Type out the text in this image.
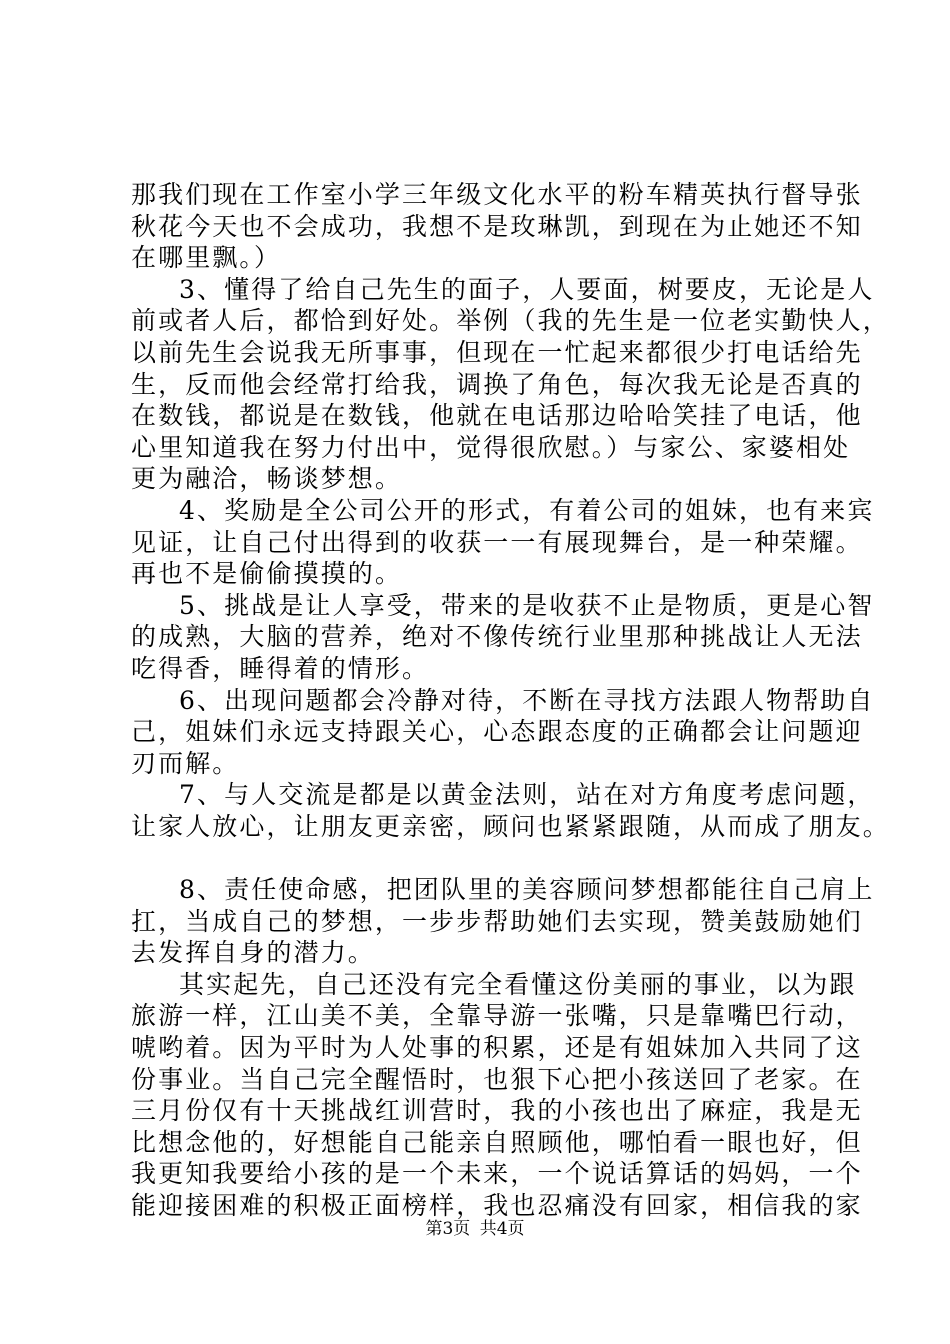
那我们现在工作室小学三年级文化水平的粉车精英执行督导张
秋花今天也不会成功，我想不是玫琳凯，到现在为止她还不知
在哪里飘。）
3、懂得了给自己先生的面子，人要面，树要皮，无论是人
前或者人后，都恰到好处。举例（我的先生是一位老实勤快人，
以前先生会说我无所事事，但现在一忙起来都很少打电话给先
生，反而他会经常打给我，调换了角色，每次我无论是否真的
在数钱，都说是在数钱，他就在电话那边哈哈笑挂了电话，他
心里知道我在努力付出中，觉得很欣慰。）与家公、家婆相处
更为融洽，畅谈梦想。
4、奖励是全公司公开的形式，有着公司的姐妹，也有来宾
见证，让自己付出得到的收获一一有展现舞台，是一种荣耀。
再也不是偷偷摸摸的。
5、挑战是让人享受，带来的是收获不止是物质，更是心智
的成熟，大脑的营养，绝对不像传统行业里那种挑战让人无法
吃得香，睡得着的情形。
6、出现问题都会冷静对待，不断在寻找方法跟人物帮助自
己，姐妹们永远支持跟关心，心态跟态度的正确都会让问题迎
刃而解。
7、与人交流是都是以黄金法则，站在对方角度考虑问题，
让家人放心，让朋友更亲密，顾问也紧紧跟随，从而成了朋友。
8、责任使命感，把团队里的美容顾问梦想都能往自己肩上
扛，当成自己的梦想，一步步帮助她们去实现，赞美鼓励她们
去发挥自身的潜力。
其实起先，自己还没有完全看懂这份美丽的事业，以为跟
旅游一样，江山美不美，全靠导游一张嘴，只是靠嘴巴行动，
唬哟着。因为平时为人处事的积累，还是有姐妹加入共同了这
份事业。当自己完全醒悟时，也狠下心把小孩送回了老家。在
三月份仅有十天挑战红训营时，我的小孩也出了麻症，我是无
比想念他的，好想能自己能亲自照顾他，哪怕看一眼也好，但
我更知我要给小孩的是一个未来，一个说话算话的妈妈，一个
能迎接困难的积极正面榜样，我也忍痛没有回家，相信我的家
第3页 共4页
